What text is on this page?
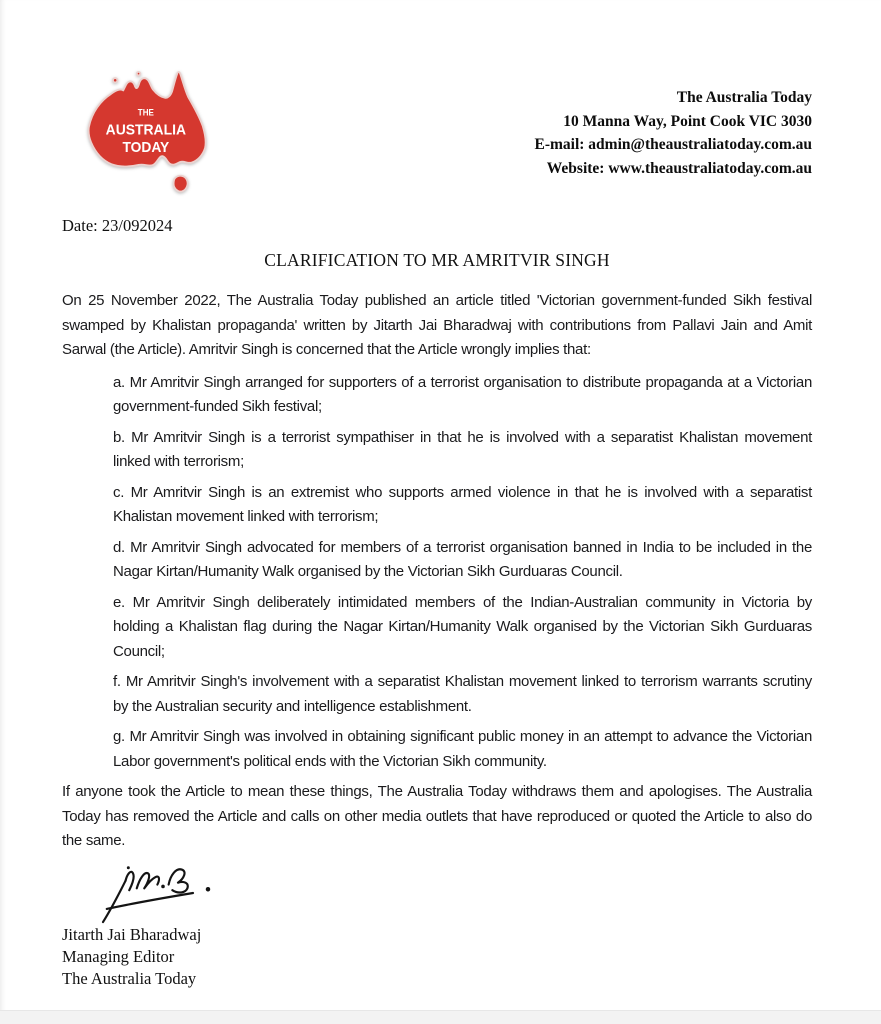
THE
AUSTRALIA
TODAY
The Australia Today
10 Manna Way, Point Cook VIC 3030
E-mail: admin@theaustraliatoday.com.au
Website: www.theaustraliatoday.com.au
Date: 23/092024
CLARIFICATION TO MR AMRITVIR SINGH

On 25 November 2022, The Australia Today published an article titled 'Victorian government-funded Sikh festival swamped by Khalistan propaganda' written by Jitarth Jai Bharadwaj with contributions from Pallavi Jain and Amit Sarwal (the Article). Amritvir Singh is concerned that the Article wrongly implies that:

a. Mr Amritvir Singh arranged for supporters of a terrorist organisation to distribute propaganda at a Victorian government-funded Sikh festival;

b. Mr Amritvir Singh is a terrorist sympathiser in that he is involved with a separatist Khalistan movement linked with terrorism;

c. Mr Amritvir Singh is an extremist who supports armed violence in that he is involved with a separatist Khalistan movement linked with terrorism;

d. Mr Amritvir Singh advocated for members of a terrorist organisation banned in India to be included in the Nagar Kirtan/Humanity Walk organised by the Victorian Sikh Gurduaras Council.

e. Mr Amritvir Singh deliberately intimidated members of the Indian-Australian community in Victoria by holding a Khalistan flag during the Nagar Kirtan/Humanity Walk organised by the Victorian Sikh Gurduaras Council;

f. Mr Amritvir Singh's involvement with a separatist Khalistan movement linked to terrorism warrants scrutiny by the Australian security and intelligence establishment.

g. Mr Amritvir Singh was involved in obtaining significant public money in an attempt to advance the Victorian Labor government's political ends with the Victorian Sikh community.

If anyone took the Article to mean these things, The Australia Today withdraws them and apologises. The Australia Today has removed the Article and calls on other media outlets that have reproduced or quoted the Article to also do the same.

Jitarth Jai Bharadwaj
Managing Editor
The Australia Today
